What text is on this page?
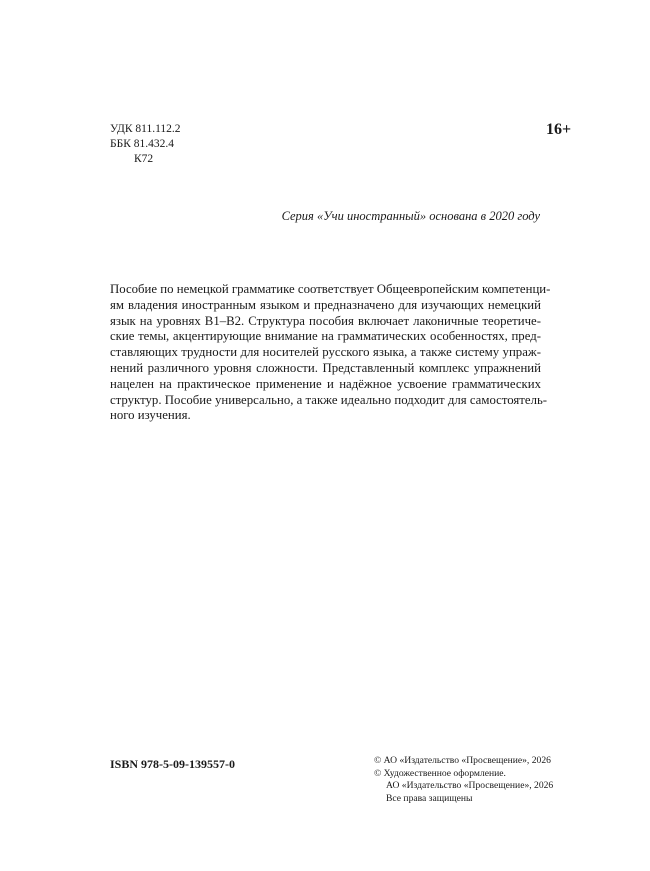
УДК 811.112.2
ББК 81.432.4
К72
16+
Серия «Учи иностранный» основана в 2020 году
Пособие по немецкой грамматике соответствует Общеевропейским компетенци-
ям владения иностранным языком и предназначено для изучающих немецкий
язык на уровнях B1–B2. Структура пособия включает лаконичные теоретиче-
ские темы, акцентирующие внимание на грамматических особенностях, пред-
ставляющих трудности для носителей русского языка, а также систему упраж-
нений различного уровня сложности. Представленный комплекс упражнений
нацелен на практическое применение и надёжное усвоение грамматических
структур. Пособие универсально, а также идеально подходит для самостоятель-
ного изучения.
ISBN 978-5-09-139557-0	© АО «Издательство «Просвещение», 2026
© Художественное оформление.
АО «Издательство «Просвещение», 2026
Все права защищены
